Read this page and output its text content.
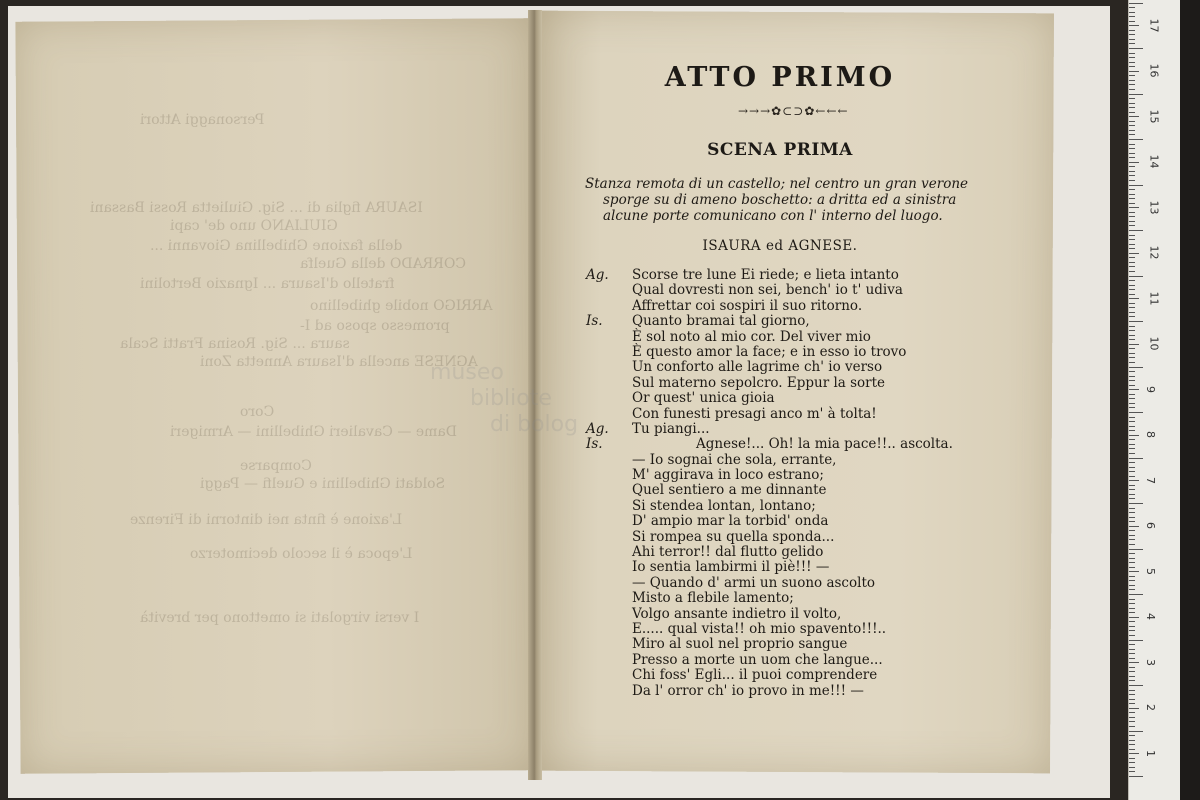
Personaggi Attori
ISAURA figlia di ... Sig. Giulietta Rossi Bassani
GIULIANO uno de' capi
della fazione Ghibellina Giovanni ...
CORRADO della Guelfa
fratello d'Isaura ... Ignazio Bertolini
ARRIGO nobile ghibellino
promesso sposo ad I-
saura ... Sig. Rosina Fratti Scala
AGNESE ancella d'Isaura Annetta Zoni
Coro
Dame — Cavalieri Ghibellini — Armigeri
Comparse
Soldati Ghibellini e Guelfi — Paggi
L'azione è finta nei dintorni di Firenze
L'epoca è il secolo decimoterzo
I versi virgolati si omettono per brevità
museo
bibliote
di bolog
ATTO PRIMO
→→→✿⊂⊃✿←←←
SCENA PRIMA
Stanza remota di un castello; nel centro un gran verone
sporge su di ameno boschetto: a dritta ed a sinistra
alcune porte comunicano con l' interno del luogo.
ISAURA ed AGNESE.
Ag.	Scorse tre lune Ei riede; e lieta intanto
Qual dovresti non sei, bench' io t' udiva
Affrettar coi sospiri il suo ritorno.
Is.	Quanto bramai tal giorno,
È sol noto al mio cor. Del viver mio
È questo amor la face; e in esso io trovo
Un conforto alle lagrime ch' io verso
Sul materno sepolcro. Eppur la sorte
Or quest' unica gioia
Con funesti presagi anco m' à tolta!
Ag.	Tu piangi...
Is.	Agnese!... Oh! la mia pace!!.. ascolta.
— Io sognai che sola, errante,
M' aggirava in loco estrano;
Quel sentiero a me dinnante
Si stendea lontan, lontano;
D' ampio mar la torbid' onda
Si rompea su quella sponda...
Ahi terror!! dal flutto gelido
Io sentia lambirmi il piè!!! —
— Quando d' armi un suono ascolto
Misto a flebile lamento;
Volgo ansante indietro il volto,
E..... qual vista!! oh mio spavento!!!..
Miro al suol nel proprio sangue
Presso a morte un uom che langue...
Chi foss' Egli... il puoi comprendere
Da l' orror ch' io provo in me!!! —
1
2
3
4
5
6
7
8
9
10
11
12
13
14
15
16
17
